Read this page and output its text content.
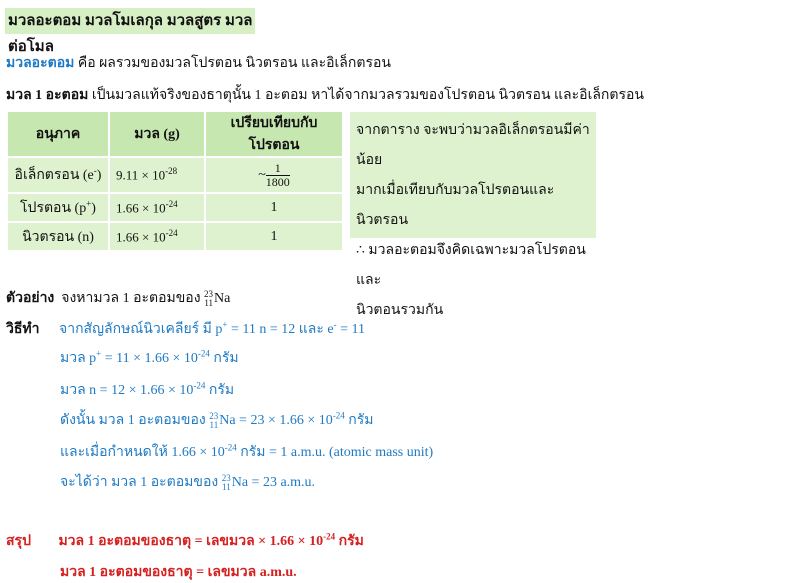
มวลอะตอม มวลโมเลกุล มวลสูตร มวลต่อโมล
มวลอะตอม คือ ผลรวมของมวลโปรตอน นิวตรอน และอิเล็กตรอน
มวล 1 อะตอม เป็นมวลแท้จริงของธาตุนั้น 1 อะตอม หาได้จากมวลรวมของโปรตอน นิวตรอน และอิเล็กตรอน
อนุภาค	มวล (g)	เปรียบเทียบกับโปรตอน
อิเล็กตรอน (e-)	$9.11 \times 10^{-28}$	~ $\frac{1}{1800}$

โปรตอน (p+)	$1.66 \times 10^{-24}$	1
นิวตรอน (n)	$1.66 \times 10^{-24}$	1
จากตาราง จะพบว่ามวลอิเล็กตรอนมีค่าน้อย
มากเมื่อเทียบกับมวลโปรตอนและนิวตรอน
∴ มวลอะตอมจึงคิดเฉพาะมวลโปรตอนและ
นิวตอนรวมกัน
ตัวอย่าง จงหามวล 1 อะตอมของ 23
11 Na
วิธีทำ จากสัญลักษณ์นิวเคลียร์ มี p+ = 11 n = 12 และ e- = 11
มวล $p^+ = 11 \times 1.66 \times 10^{-24}$ กรัม
มวล $n = 12 \times 1.66 \times 10^{-24}$ กรัม
ดังนั้น มวล 1 อะตอมของ 23
11 $Na = 23 \times 1.66 \times 10^{-24}$ กรัม
และเมื่อกำหนดให้ $1.66 \times 10^{-24}$ กรัม = 1 a.m.u. (atomic mass unit)
จะได้ว่า มวล 1 อะตอมของ 23
11 Na = 23 a.m.u.
สรุป มวล 1 อะตอมของธาตุ = เลขมวล × $1.66 \times 10^{-24}$ กรัม
มวล 1 อะตอมของธาตุ = เลขมวล a.m.u.
